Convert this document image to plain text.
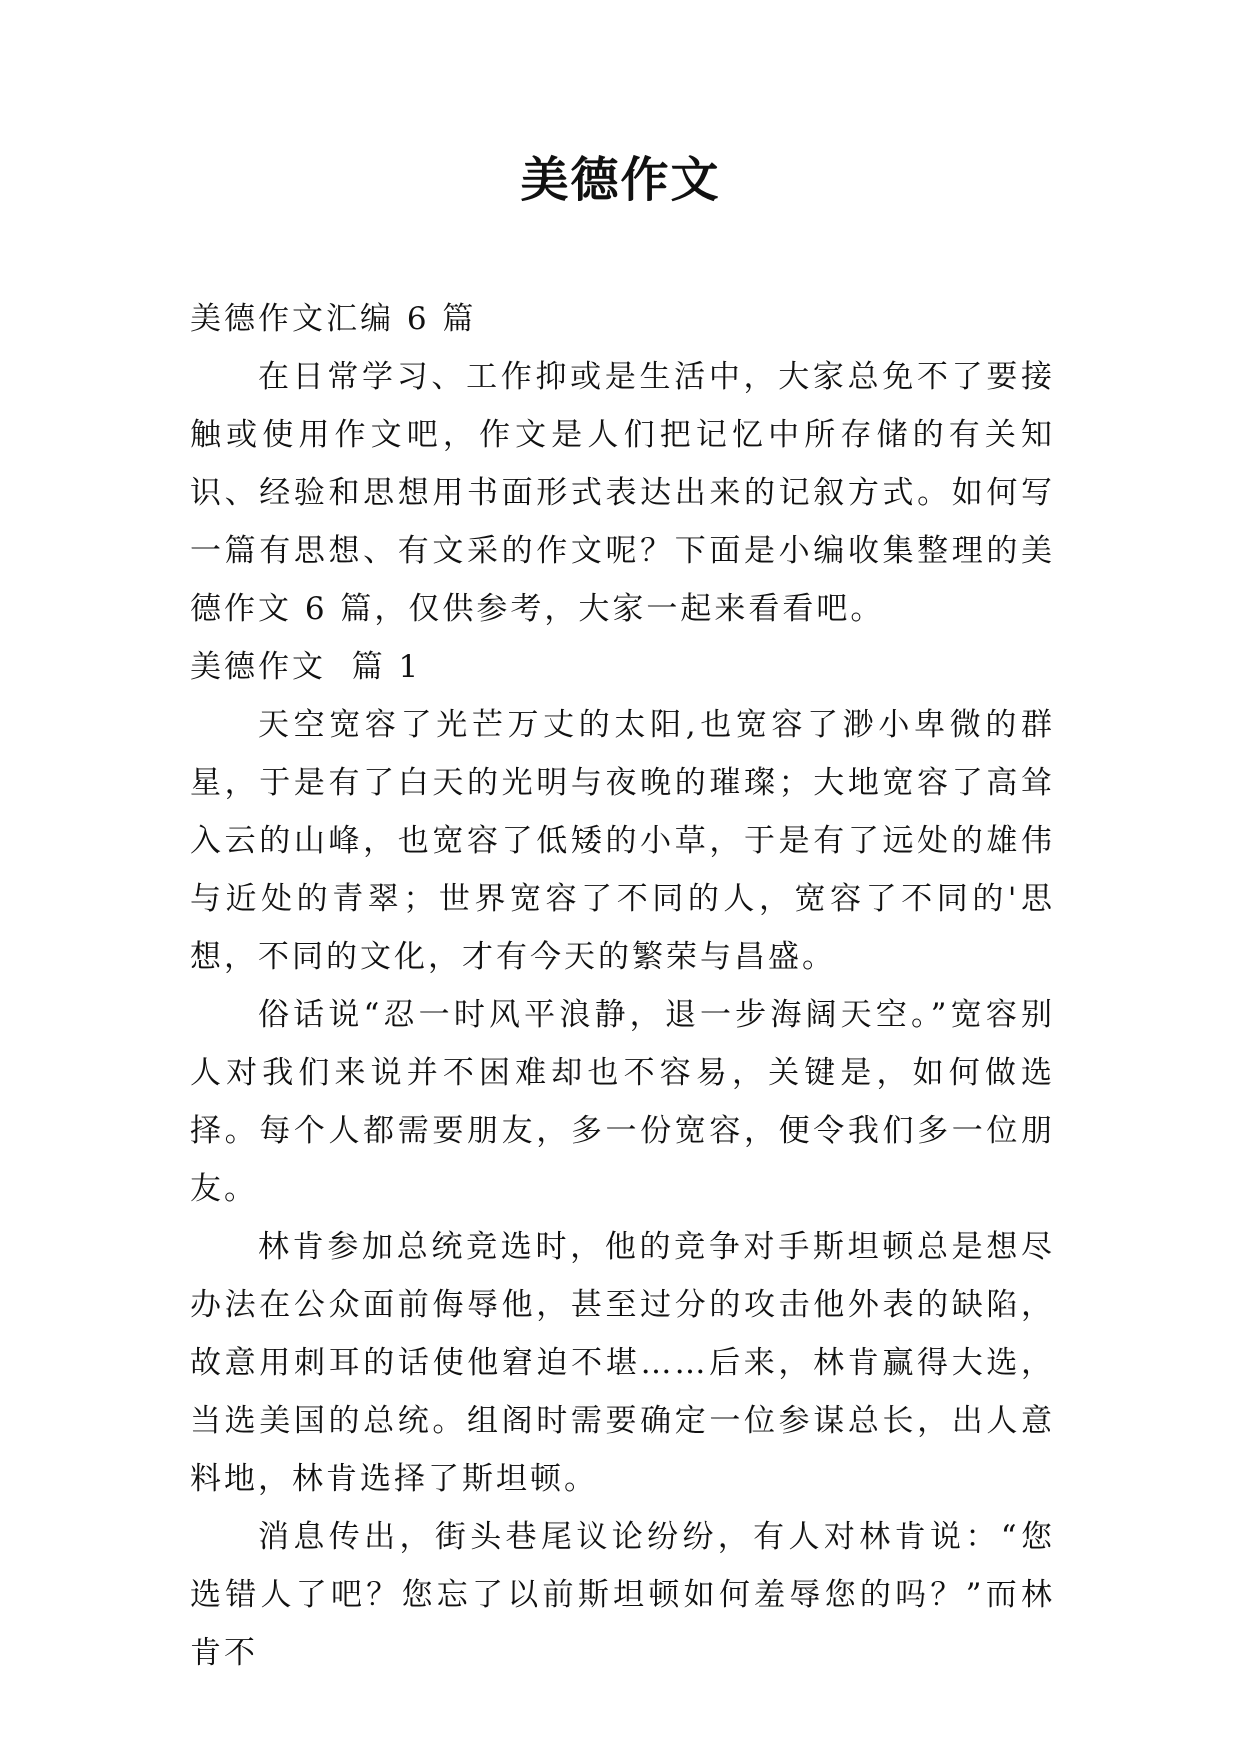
美德作文

美德作文汇编 6 篇

在日常学习、工作抑或是生活中，大家总免不了要接触或使用作文吧，作文是人们把记忆中所存储的有关知识、经验和思想用书面形式表达出来的记叙方式。如何写一篇有思想、有文采的作文呢？下面是小编收集整理的美德作文 6 篇，仅供参考，大家一起来看看吧。

美德作文  篇 1

天空宽容了光芒万丈的太阳,也宽容了渺小卑微的群星，于是有了白天的光明与夜晚的璀璨；大地宽容了高耸入云的山峰，也宽容了低矮的小草，于是有了远处的雄伟与近处的青翠；世界宽容了不同的人，宽容了不同的'思想，不同的文化，才有今天的繁荣与昌盛。

俗话说“忍一时风平浪静，退一步海阔天空。”宽容别人对我们来说并不困难却也不容易，关键是，如何做选择。每个人都需要朋友，多一份宽容，便令我们多一位朋友。

林肯参加总统竞选时，他的竞争对手斯坦顿总是想尽办法在公众面前侮辱他，甚至过分的攻击他外表的缺陷，故意用刺耳的话使他窘迫不堪……后来，林肯赢得大选，当选美国的总统。组阁时需要确定一位参谋总长，出人意料地，林肯选择了斯坦顿。

消息传出，街头巷尾议论纷纷，有人对林肯说：“您选错人了吧？您忘了以前斯坦顿如何羞辱您的吗？”而林肯不
